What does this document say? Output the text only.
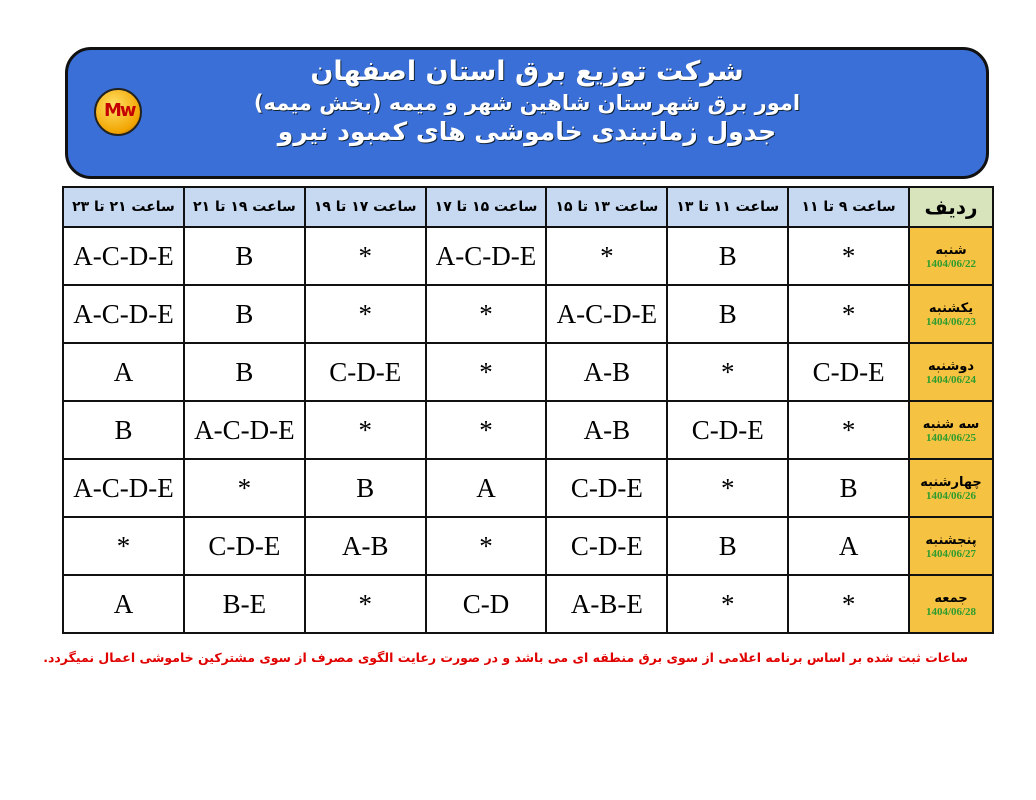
Mw
شرکت توزیع برق استان اصفهان
امور برق شهرستان شاهین شهر و میمه (بخش میمه)
جدول زمانبندی خاموشی های کمبود نیرو
ردیف	ساعت ۹ تا ۱۱	ساعت ۱۱ تا ۱۳	ساعت ۱۳ تا ۱۵	ساعت ۱۵ تا ۱۷	ساعت ۱۷ تا ۱۹	ساعت ۱۹ تا ۲۱	ساعت ۲۱ تا ۲۳

شنبه
1404/06/22	*	B	*	A-C-D-E	*	B	A-C-D-E

یکشنبه
1404/06/23	*	B	A-C-D-E	*	*	B	A-C-D-E

دوشنبه
1404/06/24	C-D-E	*	A-B	*	C-D-E	B	A

سه شنبه
1404/06/25	*	C-D-E	A-B	*	*	A-C-D-E	B

چهارشنبه
1404/06/26	B	*	C-D-E	A	B	*	A-C-D-E

پنجشنبه
1404/06/27	A	B	C-D-E	*	A-B	C-D-E	*

جمعه
1404/06/28	*	*	A-B-E	C-D	*	B-E	A
ساعات ثبت شده بر اساس برنامه اعلامی از سوی برق منطقه ای می باشد و در صورت رعایت الگوی مصرف از سوی مشترکین خاموشی اعمال نمیگردد.
